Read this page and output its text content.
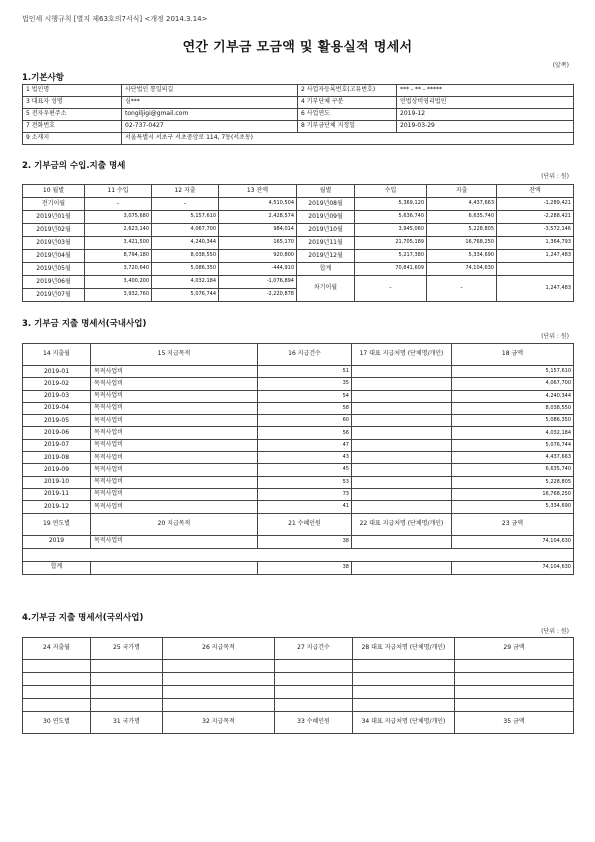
법인세 시행규칙 [별지 제63호의7서식] <개정 2014.3.14>
연간 기부금 모금액 및 활용실적 명세서
(앞쪽)
1.기본사항
1 법인명	사단법인 통일의길	2 사업자등록번호(고유번호)	*** - ** - *****
3 대표자 성명	심***	4 기부단체 구분	민법상비영리법인
5 전자우편주소	tongiljigi@gmail.com	6 사업연도	2019-12
7 전화번호	02-737-0427	8 기부금단체 지정일	2019-03-29
9 소재지	서울특별시 서초구 서초중앙로 114, 7동(서초동)		
2. 기부금의 수입.지출 명세
(단위 : 원)
10 월별	11 수입	12 지출	13 잔액	월별	수입	지출	잔액
전기이월	-	-	4,510,504	2019년08월	5,369,120	4,437,663	-1,289,421
2019년01월	3,075,680	5,157,610	2,428,574	2019년09월	5,636,740	6,635,740	-2,288,421
2019년02월	2,623,140	4,067,700	984,014	2019년10월	3,945,060	5,228,805	-3,572,146
2019년03월	3,421,500	4,240,344	165,170	2019년11월	21,705,189	16,768,250	1,364,793
2019년04월	8,794,180	8,038,550	920,800	2019년12월	5,217,380	5,334,690	1,247,483
2019년05월	3,720,640	5,086,350	-444,910	합계	70,841,609	74,104,630	
2019년06월	3,400,200	4,032,184	-1,076,894	차기이월	-	-	1,247,483
2019년07월	3,932,760	5,076,744	-2,220,878				
3. 기부금 지출 명세서(국내사업)
(단위 : 원)
14 지출월	15 지급목적	16 지급건수	17 대표 지급처명 (단체명/개인)	18 금액
2019-01	목적사업비	51		5,157,610
2019-02	목적사업비	35		4,067,700
2019-03	목적사업비	54		4,240,344
2019-04	목적사업비	58		8,038,550
2019-05	목적사업비	60		5,086,350
2019-06	목적사업비	56		4,032,184
2019-07	목적사업비	47		5,076,744
2019-08	목적사업비	43		4,437,663
2019-09	목적사업비	45		6,635,740
2019-10	목적사업비	53		5,228,805
2019-11	목적사업비	73		16,768,250
2019-12	목적사업비	41		5,334,690
19 연도별	20 지급목적	21 수혜인원	22 대표 지급처명 (단체명/개인)	23 금액
2019	목적사업비	38		74,104,630

합계		38		74,104,630
4.기부금 지출 명세서(국외사업)
(단위 : 원)
24 지출월	25 국가명	26 지급목적	27 지급건수	28 대표 지급처명 (단체명/개인)	29 금액

30 연도별	31 국가명	32 지급목적	33 수혜인원	34 대표 지급처명 (단체명/개인)	35 금액
